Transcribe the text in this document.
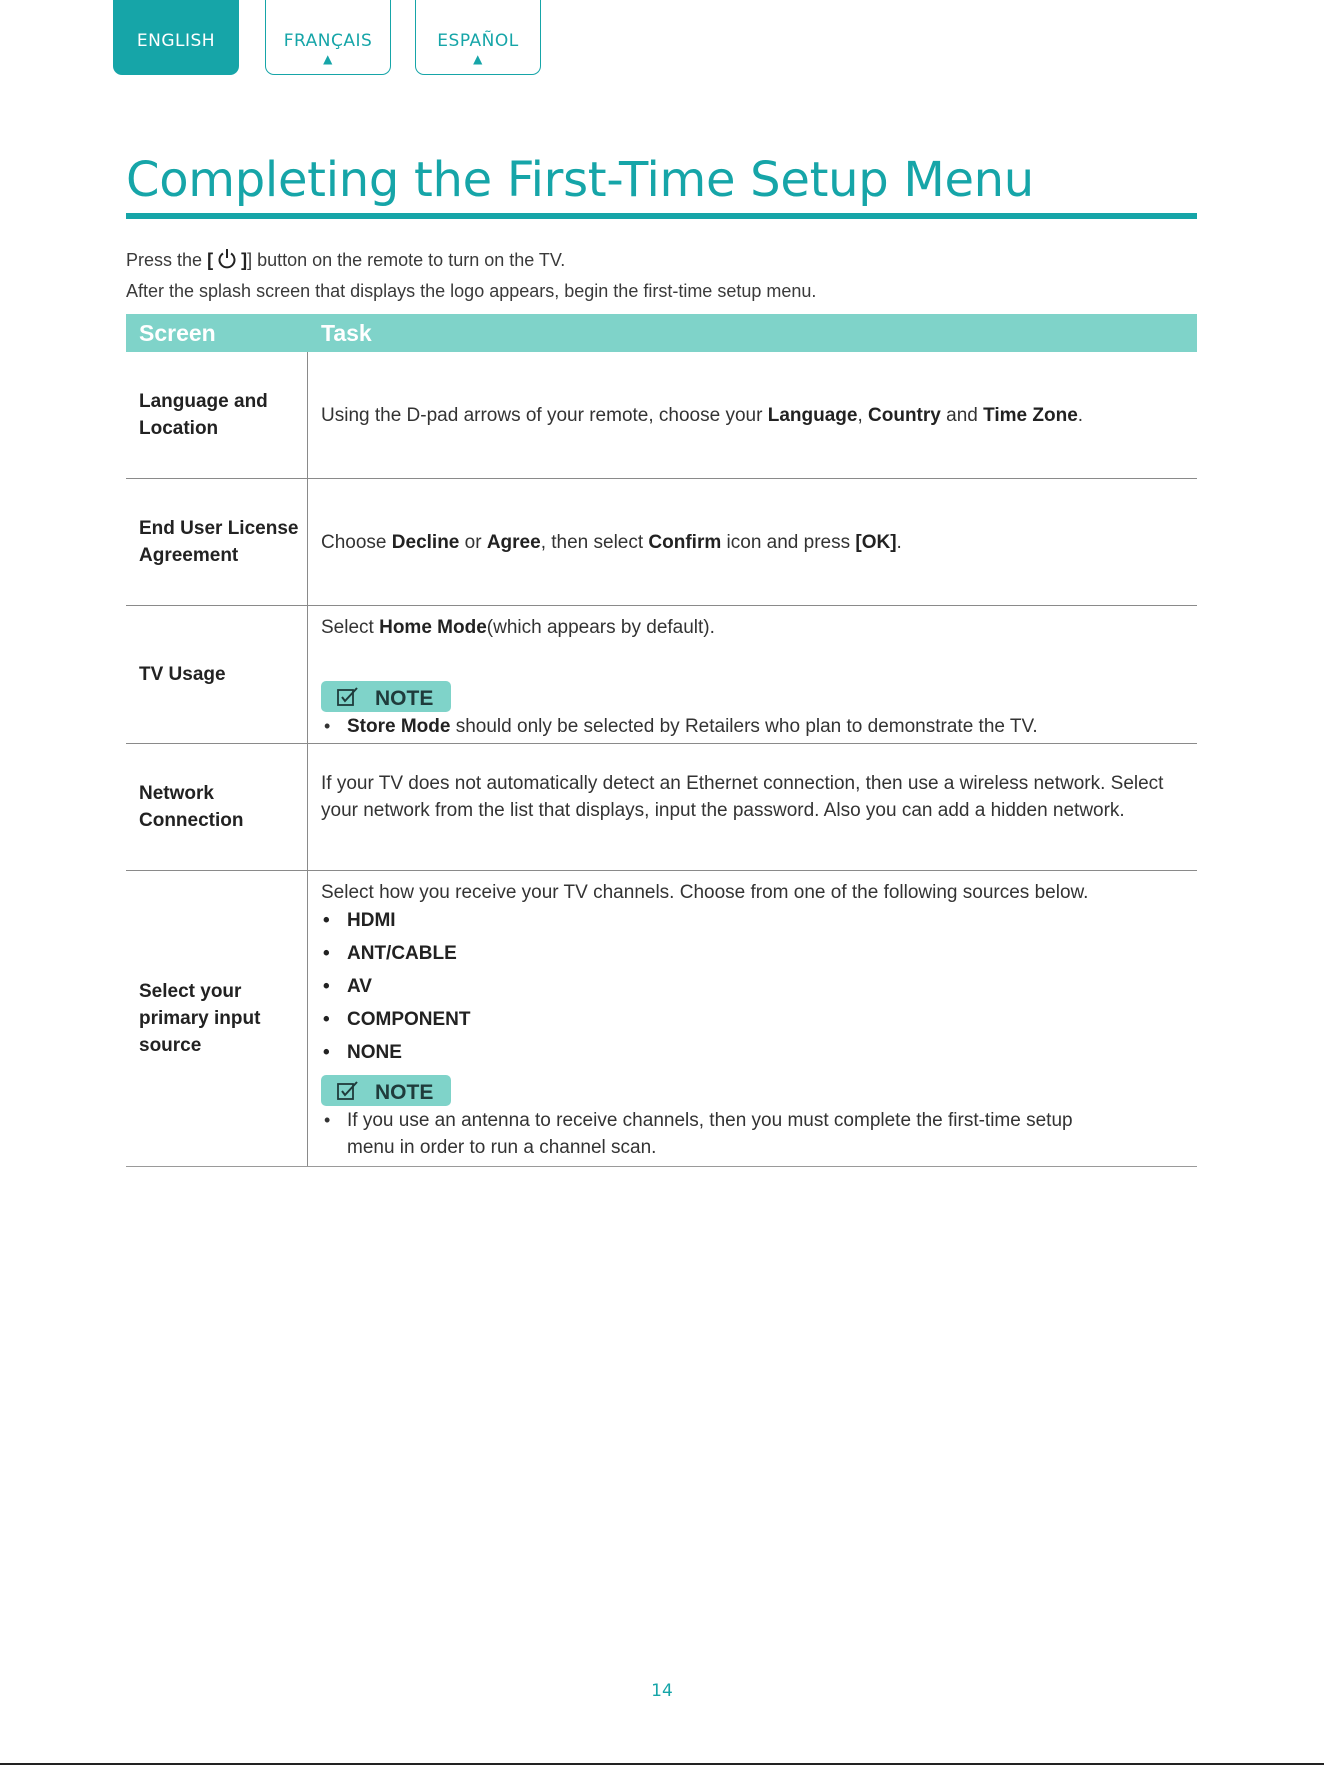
ENGLISH	FRANÇAIS
▲
ESPAÑOL
▲
Completing the First-Time Setup Menu
Press the [ ]] button on the remote to turn on the TV.
After the splash screen that displays the logo appears, begin the first-time setup menu.
Screen	Task
Language and Location
Using the D-pad arrows of your remote, choose your Language, Country and Time Zone.
End User License Agreement
Choose Decline or Agree, then select Confirm icon and press [OK].
TV Usage
Select Home Mode(which appears by default).
NOTE
• Store Mode should only be selected by Retailers who plan to demonstrate the TV.
Network Connection
If your TV does not automatically detect an Ethernet connection, then use a wireless network. Select your network from the list that displays, input the password. Also you can add a hidden network.
Select your primary input source
Select how you receive your TV channels. Choose from one of the following sources below.
• HDMI
• ANT/CABLE
• AV
• COMPONENT
• NONE
NOTE
• If you use an antenna to receive channels, then you must complete the first-time setup
menu in order to run a channel scan.
14
